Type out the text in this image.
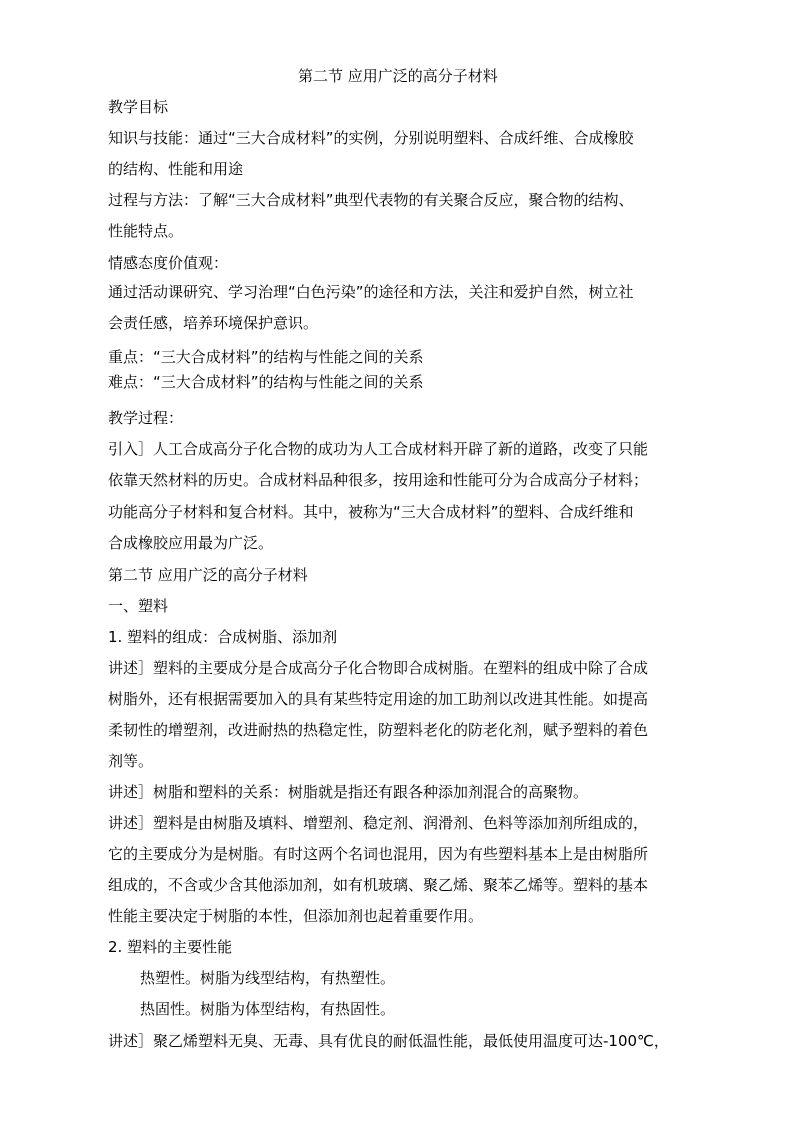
第二节 应用广泛的高分子材料
教学目标
知识与技能：通过“三大合成材料”的实例，分别说明塑料、合成纤维、合成橡胶
的结构、性能和用途
过程与方法：了解“三大合成材料”典型代表物的有关聚合反应，聚合物的结构、
性能特点。
情感态度价值观：
通过活动课研究、学习治理“白色污染”的途径和方法，关注和爱护自然，树立社
会责任感，培养环境保护意识。
重点：“三大合成材料”的结构与性能之间的关系
难点：“三大合成材料”的结构与性能之间的关系
教学过程：
引入］人工合成高分子化合物的成功为人工合成材料开辟了新的道路，改变了只能
依靠天然材料的历史。合成材料品种很多，按用途和性能可分为合成高分子材料；
功能高分子材料和复合材料。其中，被称为“三大合成材料”的塑料、合成纤维和
合成橡胶应用最为广泛。
第二节 应用广泛的高分子材料
一、塑料
1. 塑料的组成：合成树脂、添加剂
讲述］塑料的主要成分是合成高分子化合物即合成树脂。在塑料的组成中除了合成
树脂外，还有根据需要加入的具有某些特定用途的加工助剂以改进其性能。如提高
柔韧性的增塑剂，改进耐热的热稳定性，防塑料老化的防老化剂，赋予塑料的着色
剂等。
讲述］树脂和塑料的关系：树脂就是指还有跟各种添加剂混合的高聚物。
讲述］塑料是由树脂及填料、增塑剂、稳定剂、润滑剂、色料等添加剂所组成的，
它的主要成分为是树脂。有时这两个名词也混用，因为有些塑料基本上是由树脂所
组成的，不含或少含其他添加剂，如有机玻璃、聚乙烯、聚苯乙烯等。塑料的基本
性能主要决定于树脂的本性，但添加剂也起着重要作用。
2. 塑料的主要性能
热塑性。树脂为线型结构，有热塑性。
热固性。树脂为体型结构，有热固性。
讲述］聚乙烯塑料无臭、无毒、具有优良的耐低温性能，最低使用温度可达-100℃，
